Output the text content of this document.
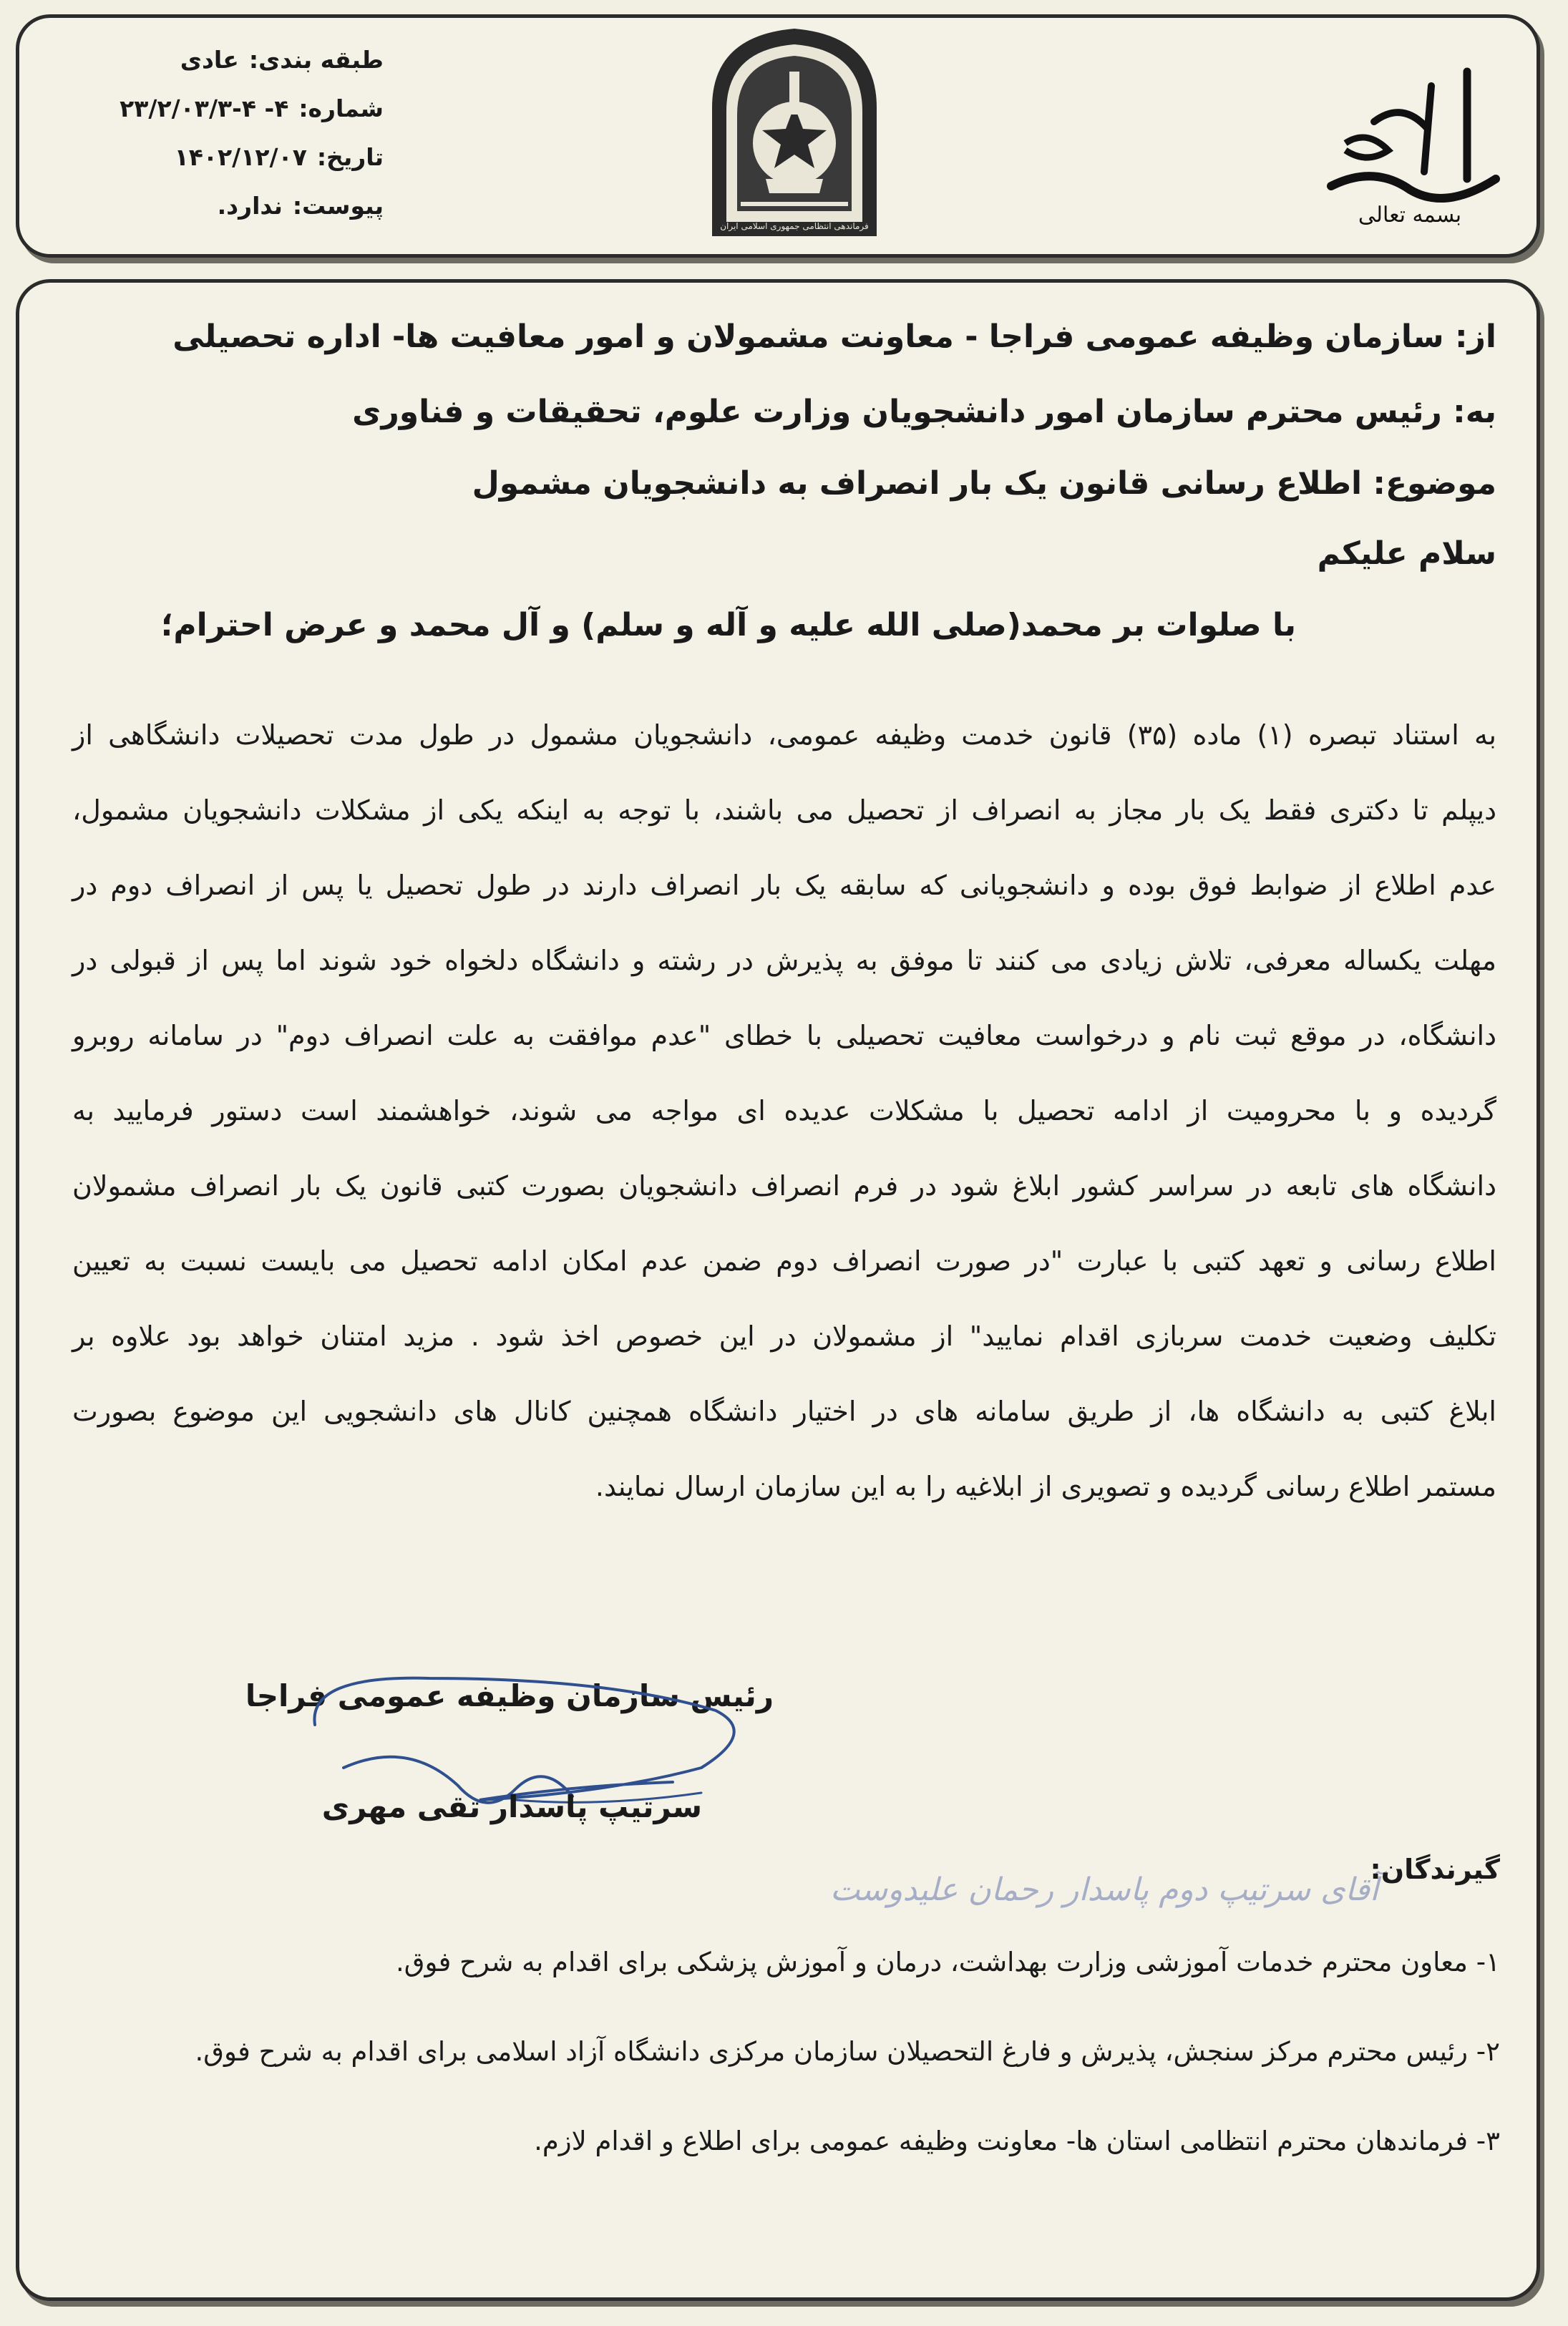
طبقه بندی:عادی
شماره:۴- ۴-۲۳/۲/۰۳/۳
تاریخ:۱۴۰۲/۱۲/۰۷
پیوست:ندارد.
فرماندهی انتظامی جمهوری اسلامی ایران	بسمه تعالی
از: سازمان وظیفه عمومی فراجا - معاونت مشمولان و امور معافیت ها- اداره تحصیلی
به: رئیس محترم سازمان امور دانشجویان وزارت علوم، تحقیقات و فناوری
موضوع: اطلاع رسانی قانون یک بار انصراف به دانشجویان مشمول
سلام علیکم
با صلوات بر محمد(صلی الله علیه و آله و سلم) و آل محمد و عرض احترام؛
به استناد تبصره (۱) ماده (۳۵) قانون خدمت وظیفه عمومی، دانشجویان مشمول در طول مدت تحصیلات دانشگاهی از
دیپلم تا دکتری فقط یک بار مجاز به انصراف از تحصیل می باشند، با توجه به اینکه یکی از مشکلات دانشجویان مشمول،
عدم اطلاع از ضوابط فوق بوده و دانشجویانی که سابقه یک بار انصراف دارند در طول تحصیل یا پس از انصراف دوم در
مهلت یکساله معرفی، تلاش زیادی می کنند تا موفق به پذیرش در رشته و دانشگاه دلخواه خود شوند اما پس از قبولی در
دانشگاه، در موقع ثبت نام و درخواست معافیت تحصیلی با خطای "عدم موافقت به علت انصراف دوم" در سامانه روبرو
گردیده و با محرومیت از ادامه تحصیل با مشکلات عدیده ای مواجه می شوند، خواهشمند است دستور فرمایید به
دانشگاه های تابعه در سراسر کشور ابلاغ شود در فرم انصراف دانشجویان بصورت کتبی قانون یک بار انصراف مشمولان
اطلاع رسانی و تعهد کتبی با عبارت "در صورت انصراف دوم ضمن عدم امکان ادامه تحصیل می بایست نسبت به تعیین
تکلیف وضعیت خدمت سربازی اقدام نمایید" از مشمولان در این خصوص اخذ شود . مزید امتنان خواهد بود علاوه بر
ابلاغ کتبی به دانشگاه ها، از طریق سامانه های در اختیار دانشگاه همچنین کانال های دانشجویی این موضوع بصورت
مستمر اطلاع رسانی گردیده و تصویری از ابلاغیه را به این سازمان ارسال نمایند.
رئیس سازمان وظیفه عمومی فراجا
سرتیپ پاسدار تقی مهری
آقای سرتیپ دوم پاسدار رحمان علیدوست
گیرندگان:
۱- معاون محترم خدمات آموزشی وزارت بهداشت، درمان و آموزش پزشکی برای اقدام به شرح فوق.
۲- رئیس محترم مرکز سنجش، پذیرش و فارغ التحصیلان سازمان مرکزی دانشگاه آزاد اسلامی برای اقدام به شرح فوق.
۳- فرماندهان محترم انتظامی استان ها- معاونت وظیفه عمومی برای اطلاع و اقدام لازم.
